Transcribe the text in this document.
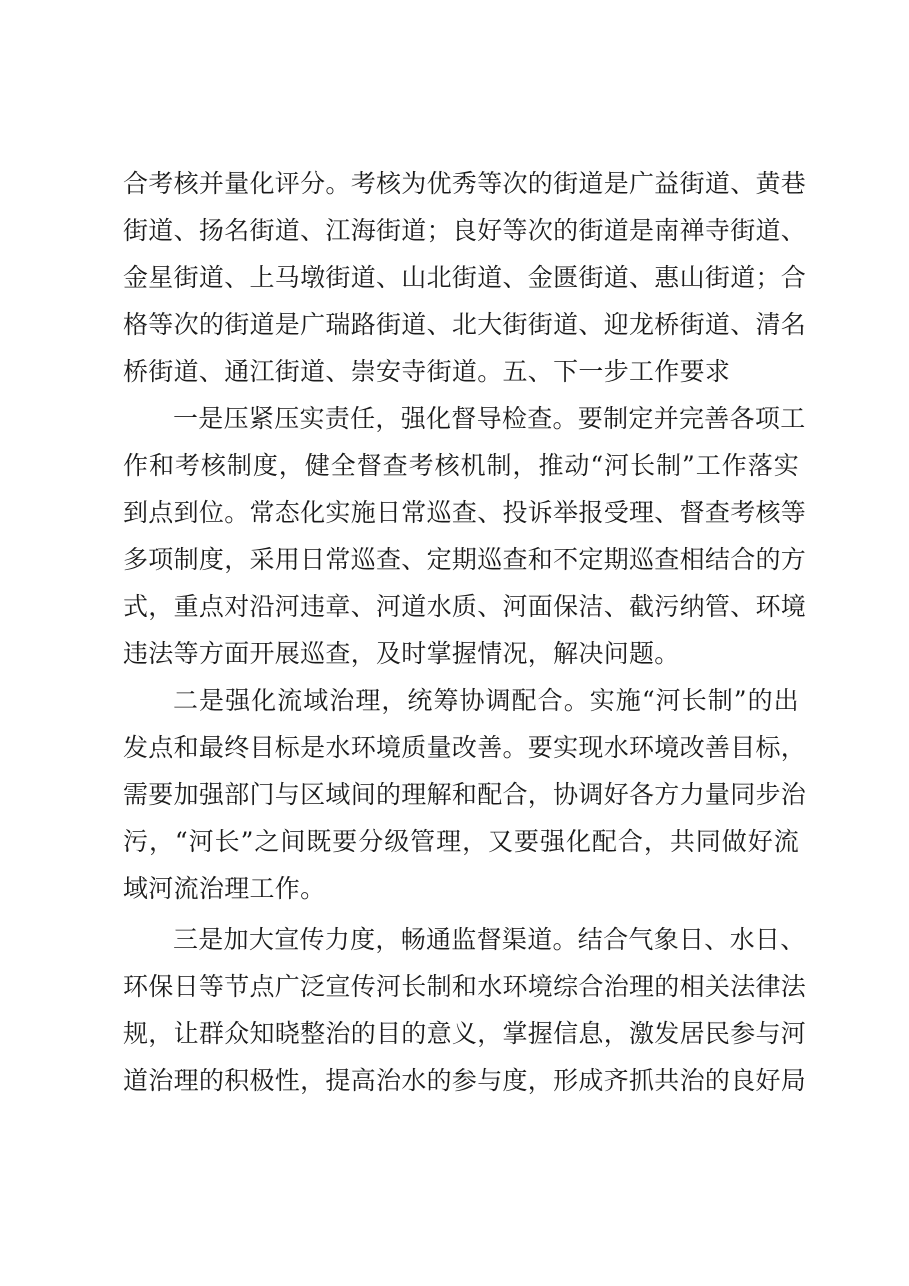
合考核并量化评分。考核为优秀等次的街道是广益街道、黄巷
街道、扬名街道、江海街道；良好等次的街道是南禅寺街道、
金星街道、上马墩街道、山北街道、金匮街道、惠山街道；合
格等次的街道是广瑞路街道、北大街街道、迎龙桥街道、清名
桥街道、通江街道、崇安寺街道。五、下一步工作要求
一是压紧压实责任，强化督导检查。要制定并完善各项工
作和考核制度，健全督查考核机制，推动“河长制”工作落实
到点到位。常态化实施日常巡查、投诉举报受理、督查考核等
多项制度，采用日常巡查、定期巡查和不定期巡查相结合的方
式，重点对沿河违章、河道水质、河面保洁、截污纳管、环境
违法等方面开展巡查，及时掌握情况，解决问题。
二是强化流域治理，统筹协调配合。实施“河长制”的出
发点和最终目标是水环境质量改善。要实现水环境改善目标，
需要加强部门与区域间的理解和配合，协调好各方力量同步治
污，“河长”之间既要分级管理，又要强化配合，共同做好流
域河流治理工作。
三是加大宣传力度，畅通监督渠道。结合气象日、水日、
环保日等节点广泛宣传河长制和水环境综合治理的相关法律法
规，让群众知晓整治的目的意义，掌握信息，激发居民参与河
道治理的积极性，提高治水的参与度，形成齐抓共治的良好局
